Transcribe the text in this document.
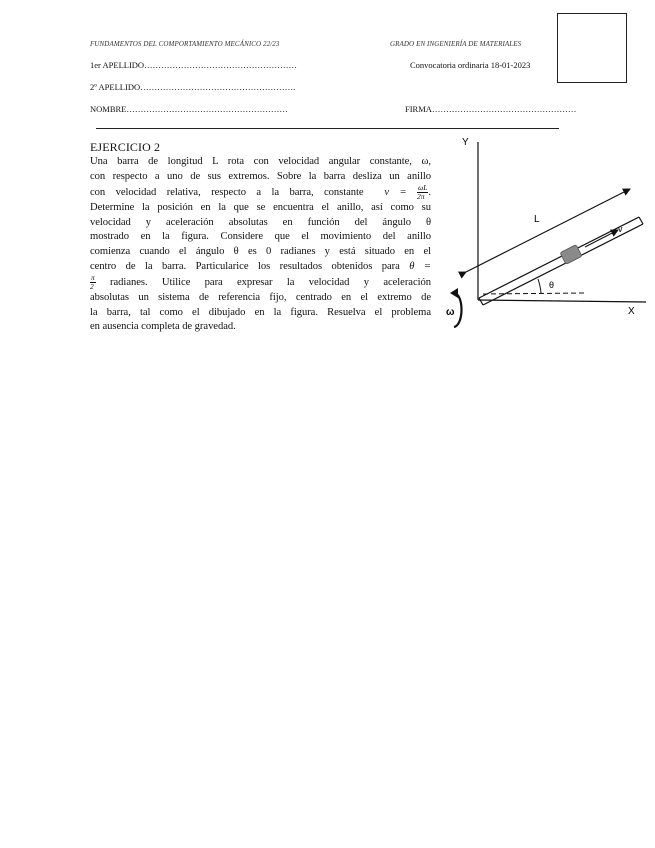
FUNDAMENTOS DEL COMPORTAMIENTO MECÁNICO 22/23	GRADO EN INGENIERÍA DE MATERIALES
1er APELLIDO………………………………………………	Convocatoria ordinaria 18-01-2023
2º APELLIDO……………………………………………….
NOMBRE…………………………………………………	FIRMA……………………………………………
EJERCICIO 2
Una barra de longitud L rota con velocidad angular constante, ω,
con respecto a uno de sus extremos. Sobre la barra desliza un anillo
con velocidad relativa, respecto a la barra, constante $v = \frac{\omega L}{2\pi}$ .
Determine la posición en la que se encuentra el anillo, así como su
velocidad y aceleración absolutas en función del ángulo θ
mostrado en la figura. Considere que el movimiento del anillo
comienza cuando el ángulo θ es 0 radianes y está situado en el
centro de la barra. Particularice los resultados obtenidos para θ =
$\frac{\pi}{2}$ radianes. Utilice para expresar la velocidad y aceleración
absolutas un sistema de referencia fijo, centrado en el extremo de
la barra, tal como el dibujado en la figura. Resuelva el problema
en ausencia completa de gravedad.
Y
X
L
v
θ
ω
